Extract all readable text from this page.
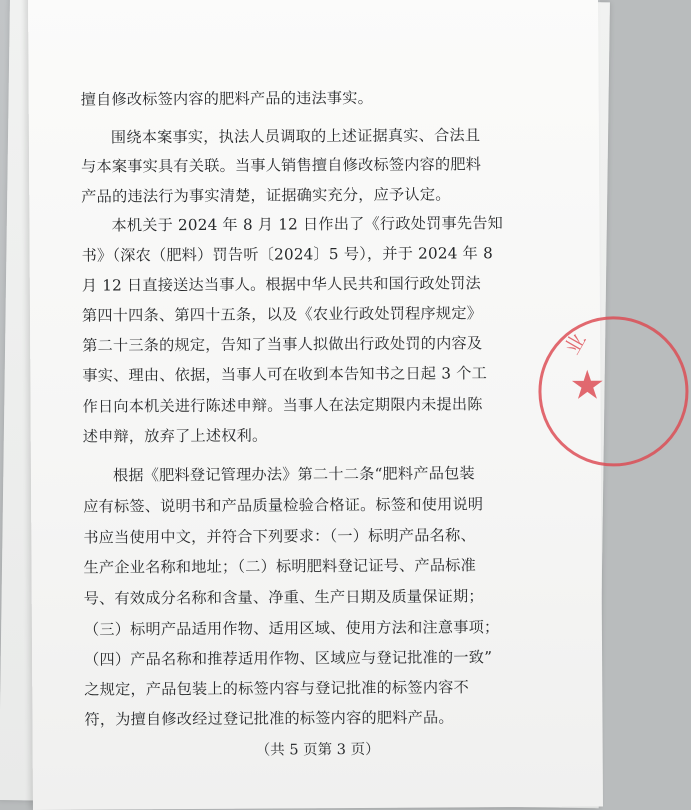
擅自修改标签内容的肥料产品的违法事实。

围绕本案事实，执法人员调取的上述证据真实、合法且

与本案事实具有关联。当事人销售擅自修改标签内容的肥料

产品的违法行为事实清楚，证据确实充分，应予认定。

本机关于 2024 年 8 月 12 日作出了《行政处罚事先告知

书》（深农（肥料）罚告听〔2024〕5 号），并于 2024 年 8

月 12 日直接送达当事人。根据中华人民共和国行政处罚法

第四十四条、第四十五条，以及《农业行政处罚程序规定》

第二十三条的规定，告知了当事人拟做出行政处罚的内容及

事实、理由、依据，当事人可在收到本告知书之日起 3 个工

作日向本机关进行陈述申辩。当事人在法定期限内未提出陈

述申辩，放弃了上述权利。

根据《肥料登记管理办法》第二十二条“肥料产品包装

应有标签、说明书和产品质量检验合格证。标签和使用说明

书应当使用中文，并符合下列要求：（一）标明产品名称、

生产企业名称和地址；（二）标明肥料登记证号、产品标准

号、有效成分名称和含量、净重、生产日期及质量保证期；

（三）标明产品适用作物、适用区域、使用方法和注意事项；

（四）产品名称和推荐适用作物、区域应与登记批准的一致”

之规定，产品包装上的标签内容与登记批准的标签内容不

符，为擅自修改经过登记批准的标签内容的肥料产品。

（共 5 页第 3 页）
★
业
